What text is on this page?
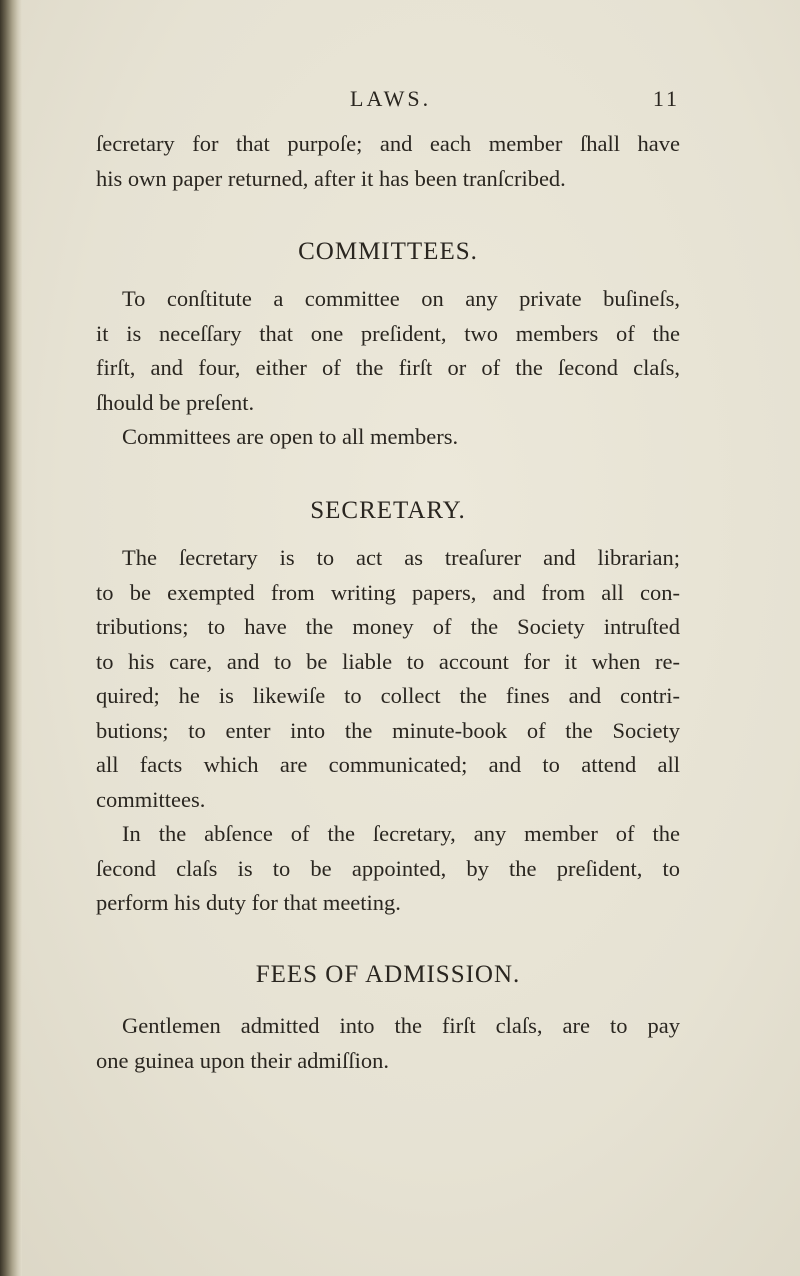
LAWS.	11
ſecretary for that purpoſe; and each member ſhall have
his own paper returned, after it has been tranſcribed.
COMMITTEES.
To conſtitute a committee on any private buſineſs,
it is neceſſary that one preſident, two members of the
firſt, and four, either of the firſt or of the ſecond claſs,
ſhould be preſent.
Committees are open to all members.
SECRETARY.
The ſecretary is to act as treaſurer and librarian;
to be exempted from writing papers, and from all con-
tributions; to have the money of the Society intruſted
to his care, and to be liable to account for it when re-
quired; he is likewiſe to collect the fines and contri-
butions; to enter into the minute-book of the Society
all facts which are communicated; and to attend all
committees.
In the abſence of the ſecretary, any member of the
ſecond claſs is to be appointed, by the preſident, to
perform his duty for that meeting.
FEES OF ADMISSION.
Gentlemen admitted into the firſt claſs, are to pay
one guinea upon their admiſſion.
